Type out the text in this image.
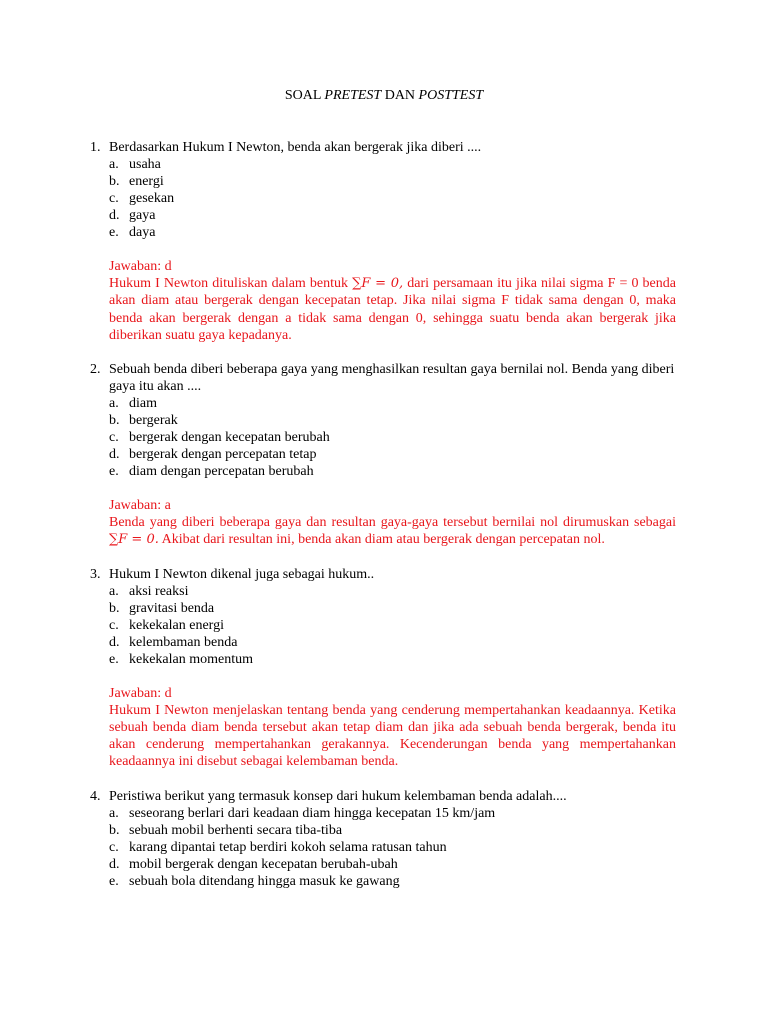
SOAL PRETEST DAN POSTTEST
1. Berdasarkan Hukum I Newton, benda akan bergerak jika diberi ....
a. usaha
b. energi
c. gesekan
d. gaya
e. daya
Jawaban: d
Hukum I Newton dituliskan dalam bentuk ∑F = 0, dari persamaan itu jika nilai sigma F = 0 benda akan diam atau bergerak dengan kecepatan tetap. Jika nilai sigma F tidak sama dengan 0, maka benda akan bergerak dengan a tidak sama dengan 0, sehingga suatu benda akan bergerak jika diberikan suatu gaya kepadanya.
2. Sebuah benda diberi beberapa gaya yang menghasilkan resultan gaya bernilai nol. Benda yang diberi gaya itu akan ....
a. diam
b. bergerak
c. bergerak dengan kecepatan berubah
d. bergerak dengan percepatan tetap
e. diam dengan percepatan berubah
Jawaban: a
Benda yang diberi beberapa gaya dan resultan gaya-gaya tersebut bernilai nol dirumuskan sebagai ∑F = 0. Akibat dari resultan ini, benda akan diam atau bergerak dengan percepatan nol.
3. Hukum I Newton dikenal juga sebagai hukum..
a. aksi reaksi
b. gravitasi benda
c. kekekalan energi
d. kelembaman benda
e. kekekalan momentum
Jawaban: d
Hukum I Newton menjelaskan tentang benda yang cenderung mempertahankan keadaannya. Ketika sebuah benda diam benda tersebut akan tetap diam dan jika ada sebuah benda bergerak, benda itu akan cenderung mempertahankan gerakannya. Kecenderungan benda yang mempertahankan keadaannya ini disebut sebagai kelembaman benda.
4. Peristiwa berikut yang termasuk konsep dari hukum kelembaman benda adalah....
a. seseorang berlari dari keadaan diam hingga kecepatan 15 km/jam
b. sebuah mobil berhenti secara tiba-tiba
c. karang dipantai tetap berdiri kokoh selama ratusan tahun
d. mobil bergerak dengan kecepatan berubah-ubah
e. sebuah bola ditendang hingga masuk ke gawang
